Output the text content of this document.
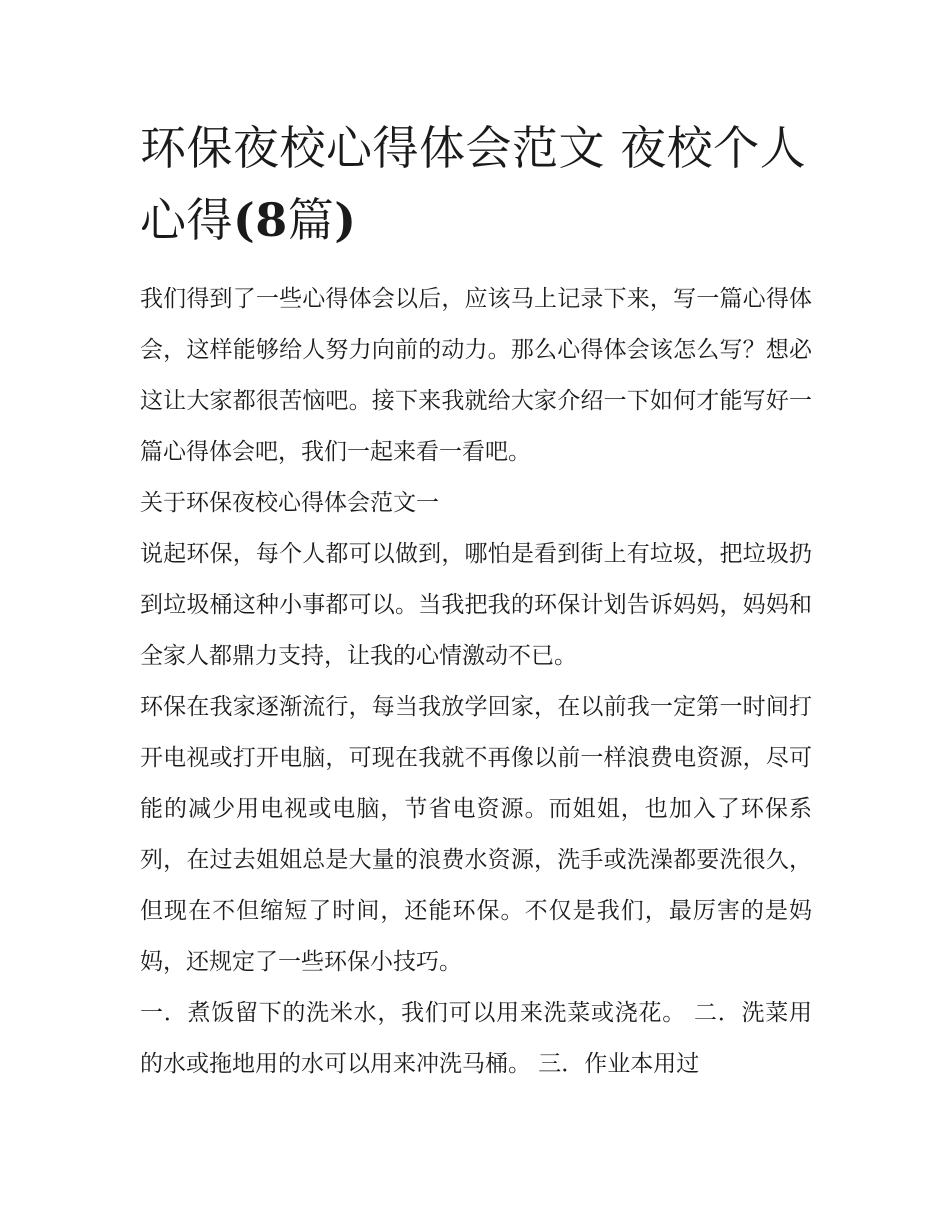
环保夜校心得体会范文 夜校个人心得(8篇)

我们得到了一些心得体会以后，应该马上记录下来，写一篇心得体会，这样能够给人努力向前的动力。那么心得体会该怎么写？想必这让大家都很苦恼吧。接下来我就给大家介绍一下如何才能写好一篇心得体会吧，我们一起来看一看吧。

关于环保夜校心得体会范文一

说起环保，每个人都可以做到，哪怕是看到街上有垃圾，把垃圾扔到垃圾桶这种小事都可以。当我把我的环保计划告诉妈妈，妈妈和全家人都鼎力支持，让我的心情激动不已。

环保在我家逐渐流行，每当我放学回家，在以前我一定第一时间打开电视或打开电脑，可现在我就不再像以前一样浪费电资源，尽可能的减少用电视或电脑，节省电资源。而姐姐，也加入了环保系列，在过去姐姐总是大量的浪费水资源，洗手或洗澡都要洗很久，但现在不但缩短了时间，还能环保。不仅是我们，最厉害的是妈妈，还规定了一些环保小技巧。

一．煮饭留下的洗米水，我们可以用来洗菜或浇花。 二．洗菜用的水或拖地用的水可以用来冲洗马桶。 三．作业本用过
